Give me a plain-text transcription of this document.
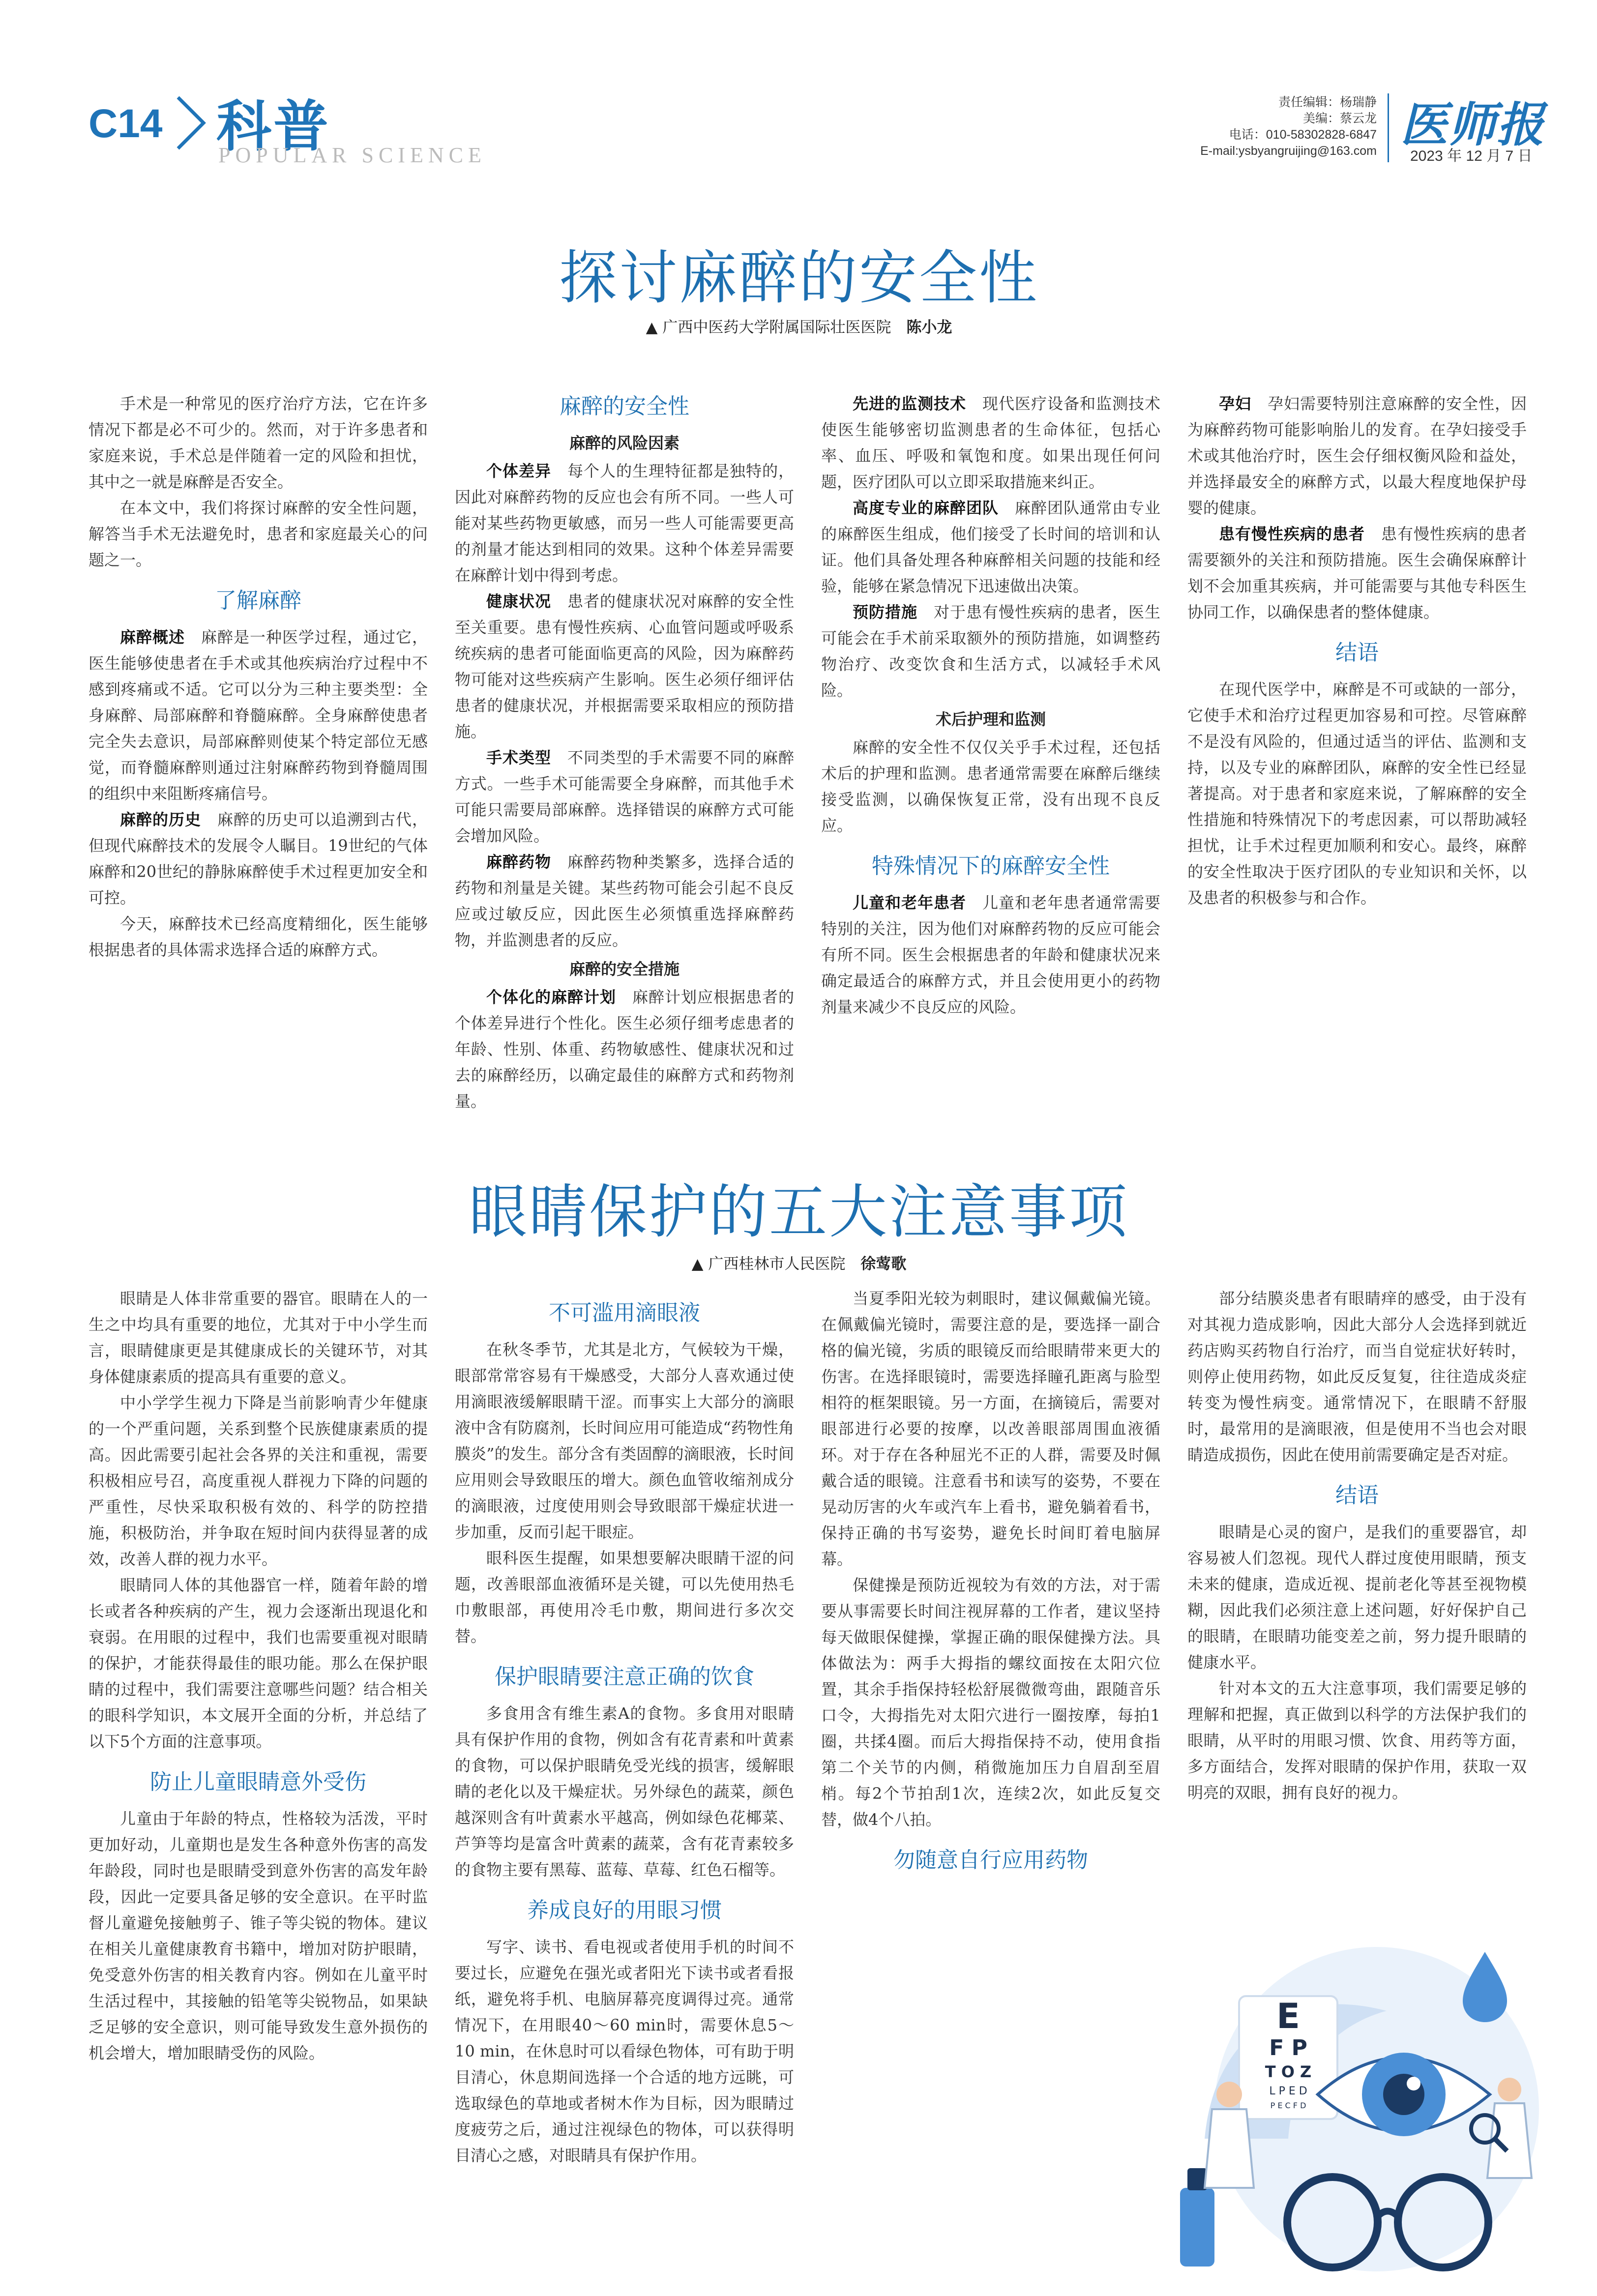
C14 科普
POPULAR SCIENCE
责任编辑：杨瑞静
美编：蔡云龙
电话：010-58302828-6847
E-mail:ysbyangruijing@163.com 医师报
2023 年 12 月 7 日
探讨麻醉的安全性
▲ 广西中医药大学附属国际壮医医院　 陈小龙

手术是一种常见的医疗治疗方法，它在许多情况下都是必不可少的。然而，对于许多患者和家庭来说，手术总是伴随着一定的风险和担忧，其中之一就是麻醉是否安全。

在本文中，我们将探讨麻醉的安全性问题，解答当手术无法避免时，患者和家庭最关心的问题之一。

了解麻醉

麻醉概述　 麻醉是一种医学过程，通过它，医生能够使患者在手术或其他疾病治疗过程中不感到疼痛或不适。它可以分为三种主要类型：全身麻醉、局部麻醉和脊髓麻醉。全身麻醉使患者完全失去意识，局部麻醉则使某个特定部位无感觉，而脊髓麻醉则通过注射麻醉药物到脊髓周围的组织中来阻断疼痛信号。

麻醉的历史　 麻醉的历史可以追溯到古代，但现代麻醉技术的发展令人瞩目。19世纪的气体麻醉和20世纪的静脉麻醉使手术过程更加安全和可控。

今天，麻醉技术已经高度精细化，医生能够根据患者的具体需求选择合适的麻醉方式。

麻醉的安全性

麻醉的风险因素

个体差异　 每个人的生理特征都是独特的，因此对麻醉药物的反应也会有所不同。一些人可能对某些药物更敏感，而另一些人可能需要更高的剂量才能达到相同的效果。这种个体差异需要在麻醉计划中得到考虑。

健康状况　 患者的健康状况对麻醉的安全性至关重要。患有慢性疾病、心血管问题或呼吸系统疾病的患者可能面临更高的风险，因为麻醉药物可能对这些疾病产生影响。医生必须仔细评估患者的健康状况，并根据需要采取相应的预防措施。

手术类型　 不同类型的手术需要不同的麻醉方式。一些手术可能需要全身麻醉，而其他手术可能只需要局部麻醉。选择错误的麻醉方式可能会增加风险。

麻醉药物　 麻醉药物种类繁多，选择合适的药物和剂量是关键。某些药物可能会引起不良反应或过敏反应，因此医生必须慎重选择麻醉药物，并监测患者的反应。

麻醉的安全措施

个体化的麻醉计划　 麻醉计划应根据患者的个体差异进行个性化。医生必须仔细考虑患者的年龄、性别、体重、药物敏感性、健康状况和过去的麻醉经历，以确定最佳的麻醉方式和药物剂量。

先进的监测技术　 现代医疗设备和监测技术使医生能够密切监测患者的生命体征，包括心率、血压、呼吸和氧饱和度。如果出现任何问题，医疗团队可以立即采取措施来纠正。

高度专业的麻醉团队　 麻醉团队通常由专业的麻醉医生组成，他们接受了长时间的培训和认证。他们具备处理各种麻醉相关问题的技能和经验，能够在紧急情况下迅速做出决策。

预防措施　 对于患有慢性疾病的患者，医生可能会在手术前采取额外的预防措施，如调整药物治疗、改变饮食和生活方式，以减轻手术风险。

术后护理和监测

麻醉的安全性不仅仅关乎手术过程，还包括术后的护理和监测。患者通常需要在麻醉后继续接受监测，以确保恢复正常，没有出现不良反应。

特殊情况下的麻醉安全性

儿童和老年患者　 儿童和老年患者通常需要特别的关注，因为他们对麻醉药物的反应可能会有所不同。医生会根据患者的年龄和健康状况来确定最适合的麻醉方式，并且会使用更小的药物剂量来减少不良反应的风险。

孕妇　 孕妇需要特别注意麻醉的安全性，因为麻醉药物可能影响胎儿的发育。在孕妇接受手术或其他治疗时，医生会仔细权衡风险和益处，并选择最安全的麻醉方式，以最大程度地保护母婴的健康。

患有慢性疾病的患者　 患有慢性疾病的患者需要额外的关注和预防措施。医生会确保麻醉计划不会加重其疾病，并可能需要与其他专科医生协同工作，以确保患者的整体健康。

结语

在现代医学中，麻醉是不可或缺的一部分，它使手术和治疗过程更加容易和可控。尽管麻醉不是没有风险的，但通过适当的评估、监测和支持，以及专业的麻醉团队，麻醉的安全性已经显著提高。对于患者和家庭来说，了解麻醉的安全性措施和特殊情况下的考虑因素，可以帮助减轻担忧，让手术过程更加顺利和安心。最终，麻醉的安全性取决于医疗团队的专业知识和关怀，以及患者的积极参与和合作。

眼睛保护的五大注意事项
▲ 广西桂林市人民医院　 徐莺歌

眼睛是人体非常重要的器官。眼睛在人的一生之中均具有重要的地位，尤其对于中小学生而言，眼睛健康更是其健康成长的关键环节，对其身体健康素质的提高具有重要的意义。

中小学学生视力下降是当前影响青少年健康的一个严重问题，关系到整个民族健康素质的提高。因此需要引起社会各界的关注和重视，需要积极相应号召，高度重视人群视力下降的问题的严重性，尽快采取积极有效的、科学的防控措施，积极防治，并争取在短时间内获得显著的成效，改善人群的视力水平。

眼睛同人体的其他器官一样，随着年龄的增长或者各种疾病的产生，视力会逐渐出现退化和衰弱。在用眼的过程中，我们也需要重视对眼睛的保护，才能获得最佳的眼功能。那么在保护眼睛的过程中，我们需要注意哪些问题？结合相关的眼科学知识，本文展开全面的分析，并总结了以下5个方面的注意事项。

防止儿童眼睛意外受伤

儿童由于年龄的特点，性格较为活泼，平时更加好动，儿童期也是发生各种意外伤害的高发年龄段，同时也是眼睛受到意外伤害的高发年龄段，因此一定要具备足够的安全意识。在平时监督儿童避免接触剪子、锥子等尖锐的物体。建议在相关儿童健康教育书籍中，增加对防护眼睛，免受意外伤害的相关教育内容。例如在儿童平时生活过程中，其接触的铅笔等尖锐物品，如果缺乏足够的安全意识，则可能导致发生意外损伤的机会增大，增加眼睛受伤的风险。

不可滥用滴眼液

在秋冬季节，尤其是北方，气候较为干燥，眼部常常容易有干燥感受，大部分人喜欢通过使用滴眼液缓解眼睛干涩。而事实上大部分的滴眼液中含有防腐剂，长时间应用可能造成“药物性角膜炎”的发生。部分含有类固醇的滴眼液，长时间应用则会导致眼压的增大。颜色血管收缩剂成分的滴眼液，过度使用则会导致眼部干燥症状进一步加重，反而引起干眼症。

眼科医生提醒，如果想要解决眼睛干涩的问题，改善眼部血液循环是关键，可以先使用热毛巾敷眼部，再使用冷毛巾敷，期间进行多次交替。

保护眼睛要注意正确的饮食

多食用含有维生素A的食物。多食用对眼睛具有保护作用的食物，例如含有花青素和叶黄素的食物，可以保护眼睛免受光线的损害，缓解眼睛的老化以及干燥症状。另外绿色的蔬菜，颜色越深则含有叶黄素水平越高，例如绿色花椰菜、芦笋等均是富含叶黄素的蔬菜，含有花青素较多的食物主要有黑莓、蓝莓、草莓、红色石榴等。

养成良好的用眼习惯

写字、读书、看电视或者使用手机的时间不要过长，应避免在强光或者阳光下读书或者看报纸，避免将手机、电脑屏幕亮度调得过亮。通常情况下，在用眼40～60 min时，需要休息5～10 min，在休息时可以看绿色物体，可有助于明目清心，休息期间选择一个合适的地方远眺，可选取绿色的草地或者树木作为目标，因为眼睛过度疲劳之后，通过注视绿色的物体，可以获得明目清心之感，对眼睛具有保护作用。

当夏季阳光较为刺眼时，建议佩戴偏光镜。在佩戴偏光镜时，需要注意的是，要选择一副合格的偏光镜，劣质的眼镜反而给眼睛带来更大的伤害。在选择眼镜时，需要选择瞳孔距离与脸型相符的框架眼镜。另一方面，在摘镜后，需要对眼部进行必要的按摩，以改善眼部周围血液循环。对于存在各种屈光不正的人群，需要及时佩戴合适的眼镜。注意看书和读写的姿势，不要在晃动厉害的火车或汽车上看书，避免躺着看书，保持正确的书写姿势，避免长时间盯着电脑屏幕。

保健操是预防近视较为有效的方法，对于需要从事需要长时间注视屏幕的工作者，建议坚持每天做眼保健操，掌握正确的眼保健操方法。具体做法为：两手大拇指的螺纹面按在太阳穴位置，其余手指保持轻松舒展微微弯曲，跟随音乐口令，大拇指先对太阳穴进行一圈按摩，每拍1圈，共揉4圈。而后大拇指保持不动，使用食指第二个关节的内侧，稍微施加压力自眉刮至眉梢。每2个节拍刮1次，连续2次，如此反复交替，做4个八拍。

勿随意自行应用药物

部分结膜炎患者有眼睛痒的感受，由于没有对其视力造成影响，因此大部分人会选择到就近药店购买药物自行治疗，而当自觉症状好转时，则停止使用药物，如此反反复复，往往造成炎症转变为慢性病变。通常情况下，在眼睛不舒服时，最常用的是滴眼液，但是使用不当也会对眼睛造成损伤，因此在使用前需要确定是否对症。

结语

眼睛是心灵的窗户，是我们的重要器官，却容易被人们忽视。现代人群过度使用眼睛，预支未来的健康，造成近视、提前老化等甚至视物模糊，因此我们必须注意上述问题，好好保护自己的眼睛，在眼睛功能变差之前，努力提升眼睛的健康水平。

针对本文的五大注意事项，我们需要足够的理解和把握，真正做到以科学的方法保护我们的眼睛，从平时的用眼习惯、饮食、用药等方面，多方面结合，发挥对眼睛的保护作用，获取一双明亮的双眼，拥有良好的视力。

E
F P
T O Z
L P E D
P E C F D
